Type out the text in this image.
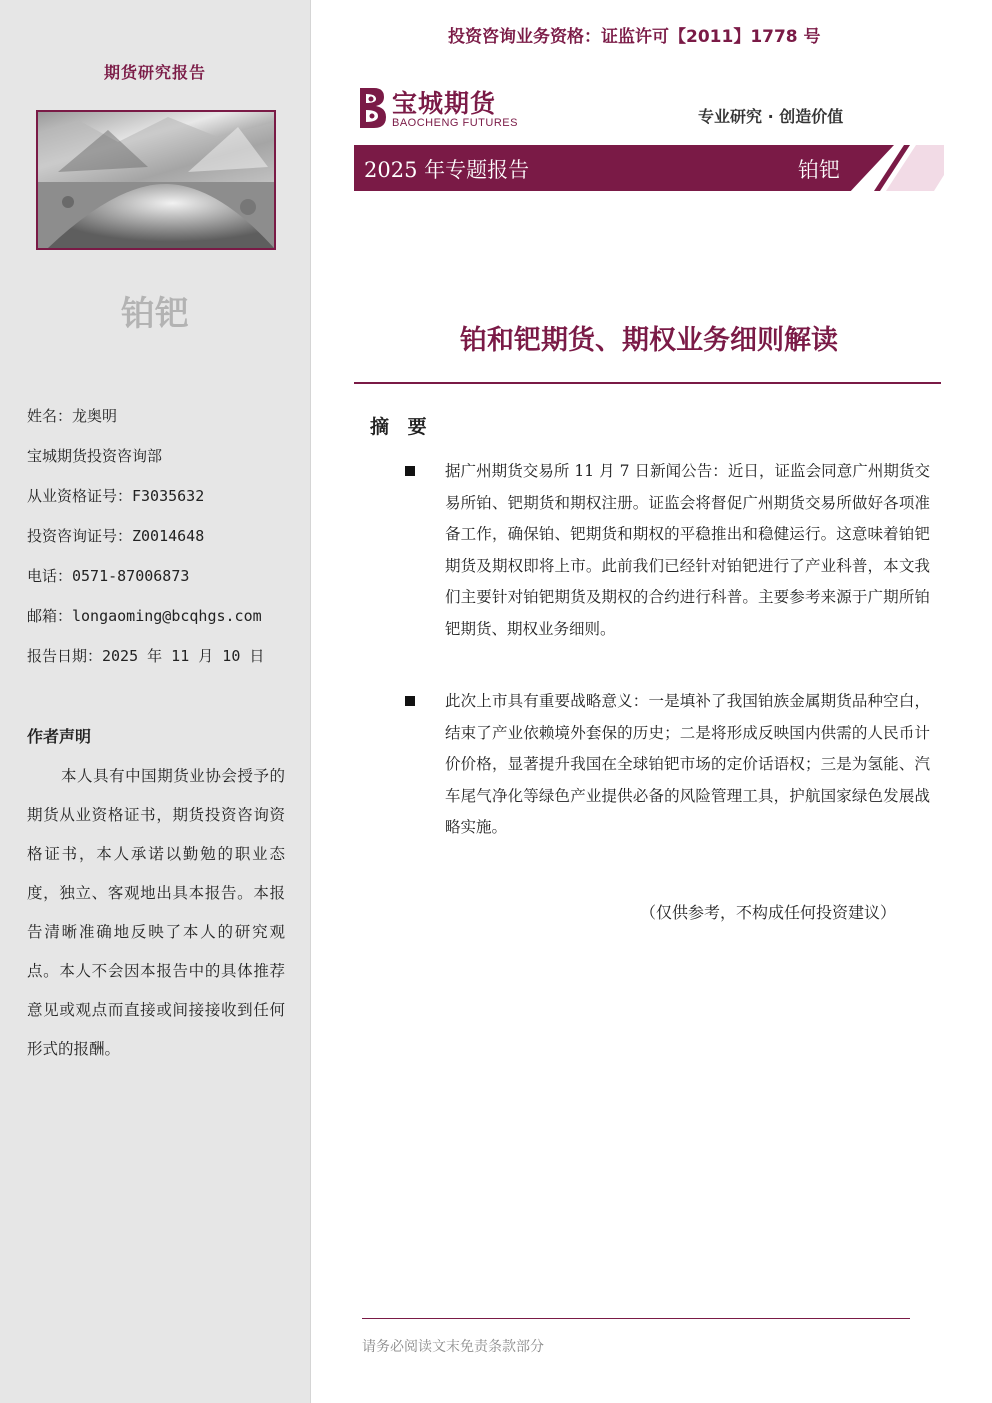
期货研究报告
铂钯
姓名：龙奥明
宝城期货投资咨询部
从业资格证号：F3035632
投资咨询证号：Z0014648
电话：0571-87006873
邮箱：longaoming@bcqhgs.com
报告日期：2025 年 11 月 10 日
作者声明
本人具有中国期货业协会授予的期货从业资格证书，期货投资咨询资格证书，本人承诺以勤勉的职业态度，独立、客观地出具本报告。本报告清晰准确地反映了本人的研究观点。本人不会因本报告中的具体推荐意见或观点而直接或间接接收到任何形式的报酬。
投资咨询业务资格：证监许可【2011】1778 号
宝城期货
BAOCHENG FUTURES	专业研究 · 创造价值
2025 年专题报告	铂钯
铂和钯期货、期权业务细则解读
摘 要
据广州期货交易所 11 月 7 日新闻公告：近日，证监会同意广州期货交易所铂、钯期货和期权注册。证监会将督促广州期货交易所做好各项准备工作，确保铂、钯期货和期权的平稳推出和稳健运行。这意味着铂钯期货及期权即将上市。此前我们已经针对铂钯进行了产业科普，本文我们主要针对铂钯期货及期权的合约进行科普。主要参考来源于广期所铂钯期货、期权业务细则。
此次上市具有重要战略意义：一是填补了我国铂族金属期货品种空白，结束了产业依赖境外套保的历史；二是将形成反映国内供需的人民币计价价格，显著提升我国在全球铂钯市场的定价话语权；三是为氢能、汽车尾气净化等绿色产业提供必备的风险管理工具，护航国家绿色发展战略实施。
（仅供参考，不构成任何投资建议）
请务必阅读文末免责条款部分
